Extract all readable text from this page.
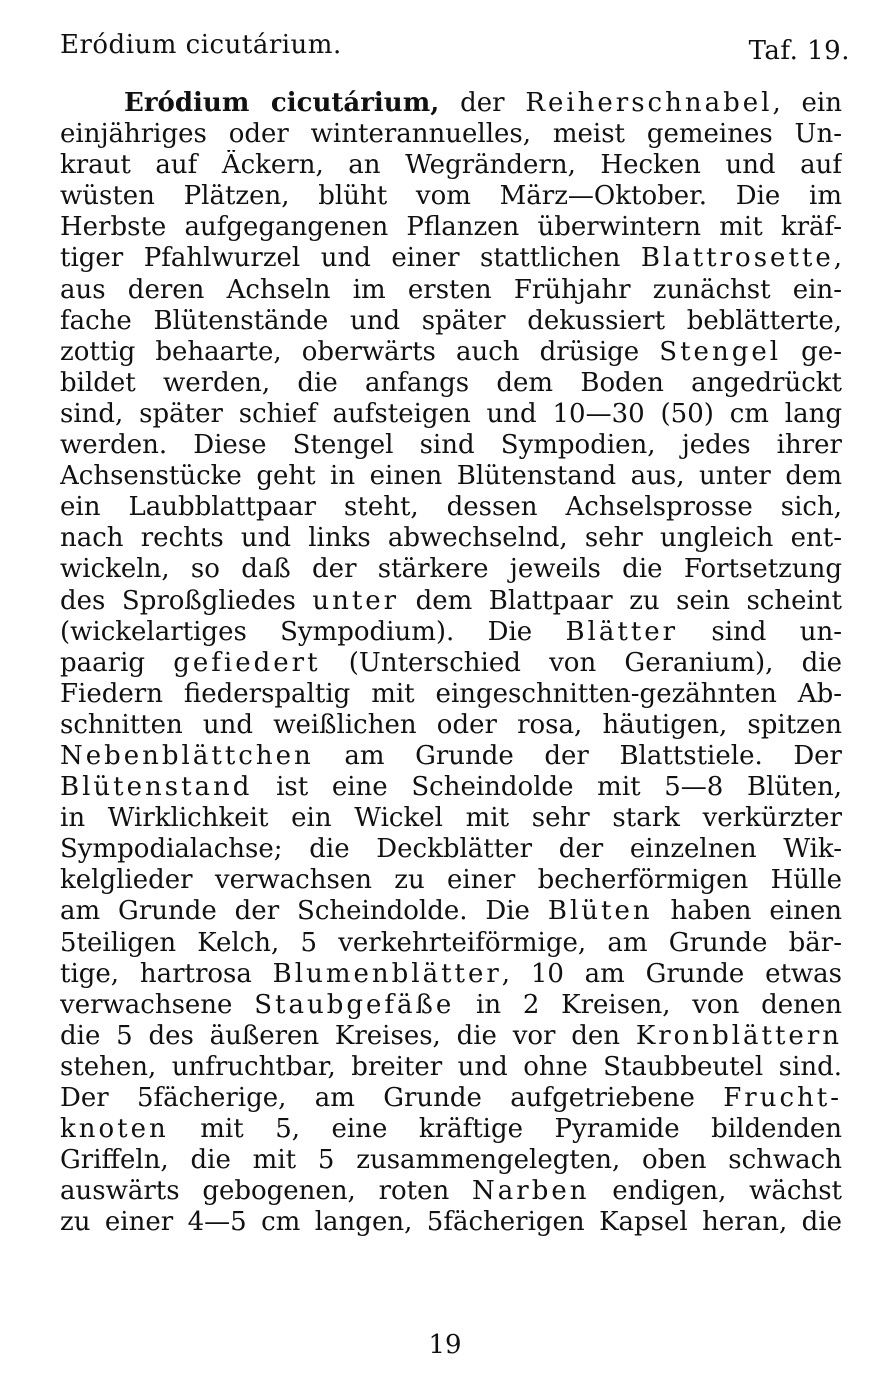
Eródium cicutárium.	Taf. 19.
Eródium cicutárium, der Reiherschnabel, ein
einjähriges oder winterannuelles, meist gemeines Un-
kraut auf Äckern, an Wegrändern, Hecken und auf
wüsten Plätzen, blüht vom März—Oktober. Die im
Herbste aufgegangenen Pflanzen überwintern mit kräf-
tiger Pfahlwurzel und einer stattlichen Blattrosette,
aus deren Achseln im ersten Frühjahr zunächst ein-
fache Blütenstände und später dekussiert beblätterte,
zottig behaarte, oberwärts auch drüsige Stengel ge-
bildet werden, die anfangs dem Boden angedrückt
sind, später schief aufsteigen und 10—30 (50) cm lang
werden. Diese Stengel sind Sympodien, jedes ihrer
Achsenstücke geht in einen Blütenstand aus, unter dem
ein Laubblattpaar steht, dessen Achselsprosse sich,
nach rechts und links abwechselnd, sehr ungleich ent-
wickeln, so daß der stärkere jeweils die Fortsetzung
des Sproßgliedes unter dem Blattpaar zu sein scheint
(wickelartiges Sympodium). Die Blätter sind un-
paarig gefiedert (Unterschied von Geranium), die
Fiedern fiederspaltig mit eingeschnitten-gezähnten Ab-
schnitten und weißlichen oder rosa, häutigen, spitzen
Nebenblättchen am Grunde der Blattstiele. Der
Blütenstand ist eine Scheindolde mit 5—8 Blüten,
in Wirklichkeit ein Wickel mit sehr stark verkürzter
Sympodialachse; die Deckblätter der einzelnen Wik-
kelglieder verwachsen zu einer becherförmigen Hülle
am Grunde der Scheindolde. Die Blüten haben einen
5teiligen Kelch, 5 verkehrteiförmige, am Grunde bär-
tige, hartrosa Blumenblätter, 10 am Grunde etwas
verwachsene Staubgefäße in 2 Kreisen, von denen
die 5 des äußeren Kreises, die vor den Kronblättern
stehen, unfruchtbar, breiter und ohne Staubbeutel sind.
Der 5fächerige, am Grunde aufgetriebene Frucht-
knoten mit 5, eine kräftige Pyramide bildenden
Griffeln, die mit 5 zusammengelegten, oben schwach
auswärts gebogenen, roten Narben endigen, wächst
zu einer 4—5 cm langen, 5fächerigen Kapsel heran, die
19
